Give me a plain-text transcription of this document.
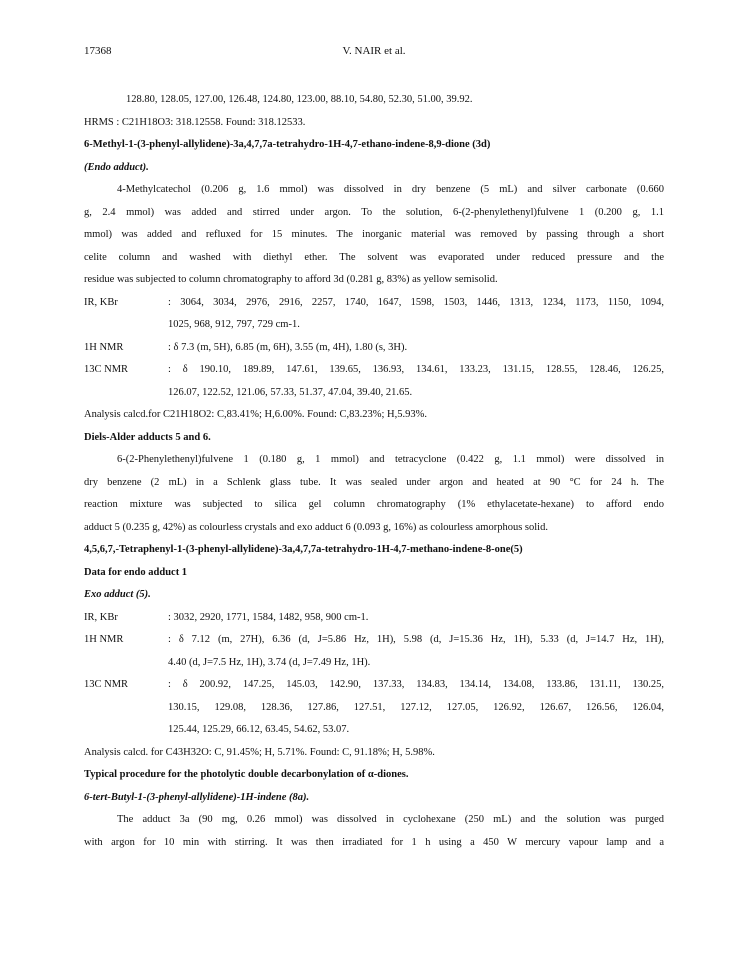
17368	V. NAIR et al.
128.80, 128.05, 127.00, 126.48, 124.80, 123.00, 88.10, 54.80, 52.30, 51.00, 39.92.
HRMS : C21H18O3: 318.12558. Found: 318.12533.
6-Methyl-1-(3-phenyl-allylidene)-3a,4,7,7a-tetrahydro-1H-4,7-ethano-indene-8,9-dione (3d)
(Endo adduct).
4-Methylcatechol (0.206 g, 1.6 mmol) was dissolved in dry benzene (5 mL) and silver carbonate (0.660
g, 2.4 mmol) was added and stirred under argon. To the solution, 6-(2-phenylethenyl)fulvene 1 (0.200 g, 1.1
mmol) was added and refluxed for 15 minutes. The inorganic material was removed by passing through a short
celite column and washed with diethyl ether. The solvent was evaporated under reduced pressure and the
residue was subjected to column chromatography to afford 3d (0.281 g, 83%) as yellow semisolid.
IR, KBr	: 3064, 3034, 2976, 2916, 2257, 1740, 1647, 1598, 1503, 1446, 1313, 1234, 1173, 1150, 1094,
1025, 968, 912, 797, 729 cm-1.
1H NMR	: δ 7.3 (m, 5H), 6.85 (m, 6H), 3.55 (m, 4H), 1.80 (s, 3H).
13C NMR	: δ 190.10, 189.89, 147.61, 139.65, 136.93, 134.61, 133.23, 131.15, 128.55, 128.46, 126.25,
126.07, 122.52, 121.06, 57.33, 51.37, 47.04, 39.40, 21.65.
Analysis calcd.for C21H18O2: C,83.41%; H,6.00%. Found: C,83.23%; H,5.93%.
Diels-Alder adducts 5 and 6.
6-(2-Phenylethenyl)fulvene 1 (0.180 g, 1 mmol) and tetracyclone (0.422 g, 1.1 mmol) were dissolved in
dry benzene (2 mL) in a Schlenk glass tube. It was sealed under argon and heated at 90 °C for 24 h. The
reaction mixture was subjected to silica gel column chromatography (1% ethylacetate-hexane) to afford endo
adduct 5 (0.235 g, 42%) as colourless crystals and exo adduct 6 (0.093 g, 16%) as colourless amorphous solid.
4,5,6,7,-Tetraphenyl-1-(3-phenyl-allylidene)-3a,4,7,7a-tetrahydro-1H-4,7-methano-indene-8-one(5)
Data for endo adduct 1
Exo adduct (5).
IR, KBr	: 3032, 2920, 1771, 1584, 1482, 958, 900 cm-1.
1H NMR	: δ 7.12 (m, 27H), 6.36 (d, J=5.86 Hz, 1H), 5.98 (d, J=15.36 Hz, 1H), 5.33 (d, J=14.7 Hz, 1H),
4.40 (d, J=7.5 Hz, 1H), 3.74 (d, J=7.49 Hz, 1H).
13C NMR	: δ 200.92, 147.25, 145.03, 142.90, 137.33, 134.83, 134.14, 134.08, 133.86, 131.11, 130.25,
130.15, 129.08, 128.36, 127.86, 127.51, 127.12, 127.05, 126.92, 126.67, 126.56, 126.04,
125.44, 125.29, 66.12, 63.45, 54.62, 53.07.
Analysis calcd. for C43H32O: C, 91.45%; H, 5.71%. Found: C, 91.18%; H, 5.98%.
Typical procedure for the photolytic double decarbonylation of α-diones.
6-tert-Butyl-1-(3-phenyl-allylidene)-1H-indene (8a).
The adduct 3a (90 mg, 0.26 mmol) was dissolved in cyclohexane (250 mL) and the solution was purged
with argon for 10 min with stirring. It was then irradiated for 1 h using a 450 W mercury vapour lamp and a
